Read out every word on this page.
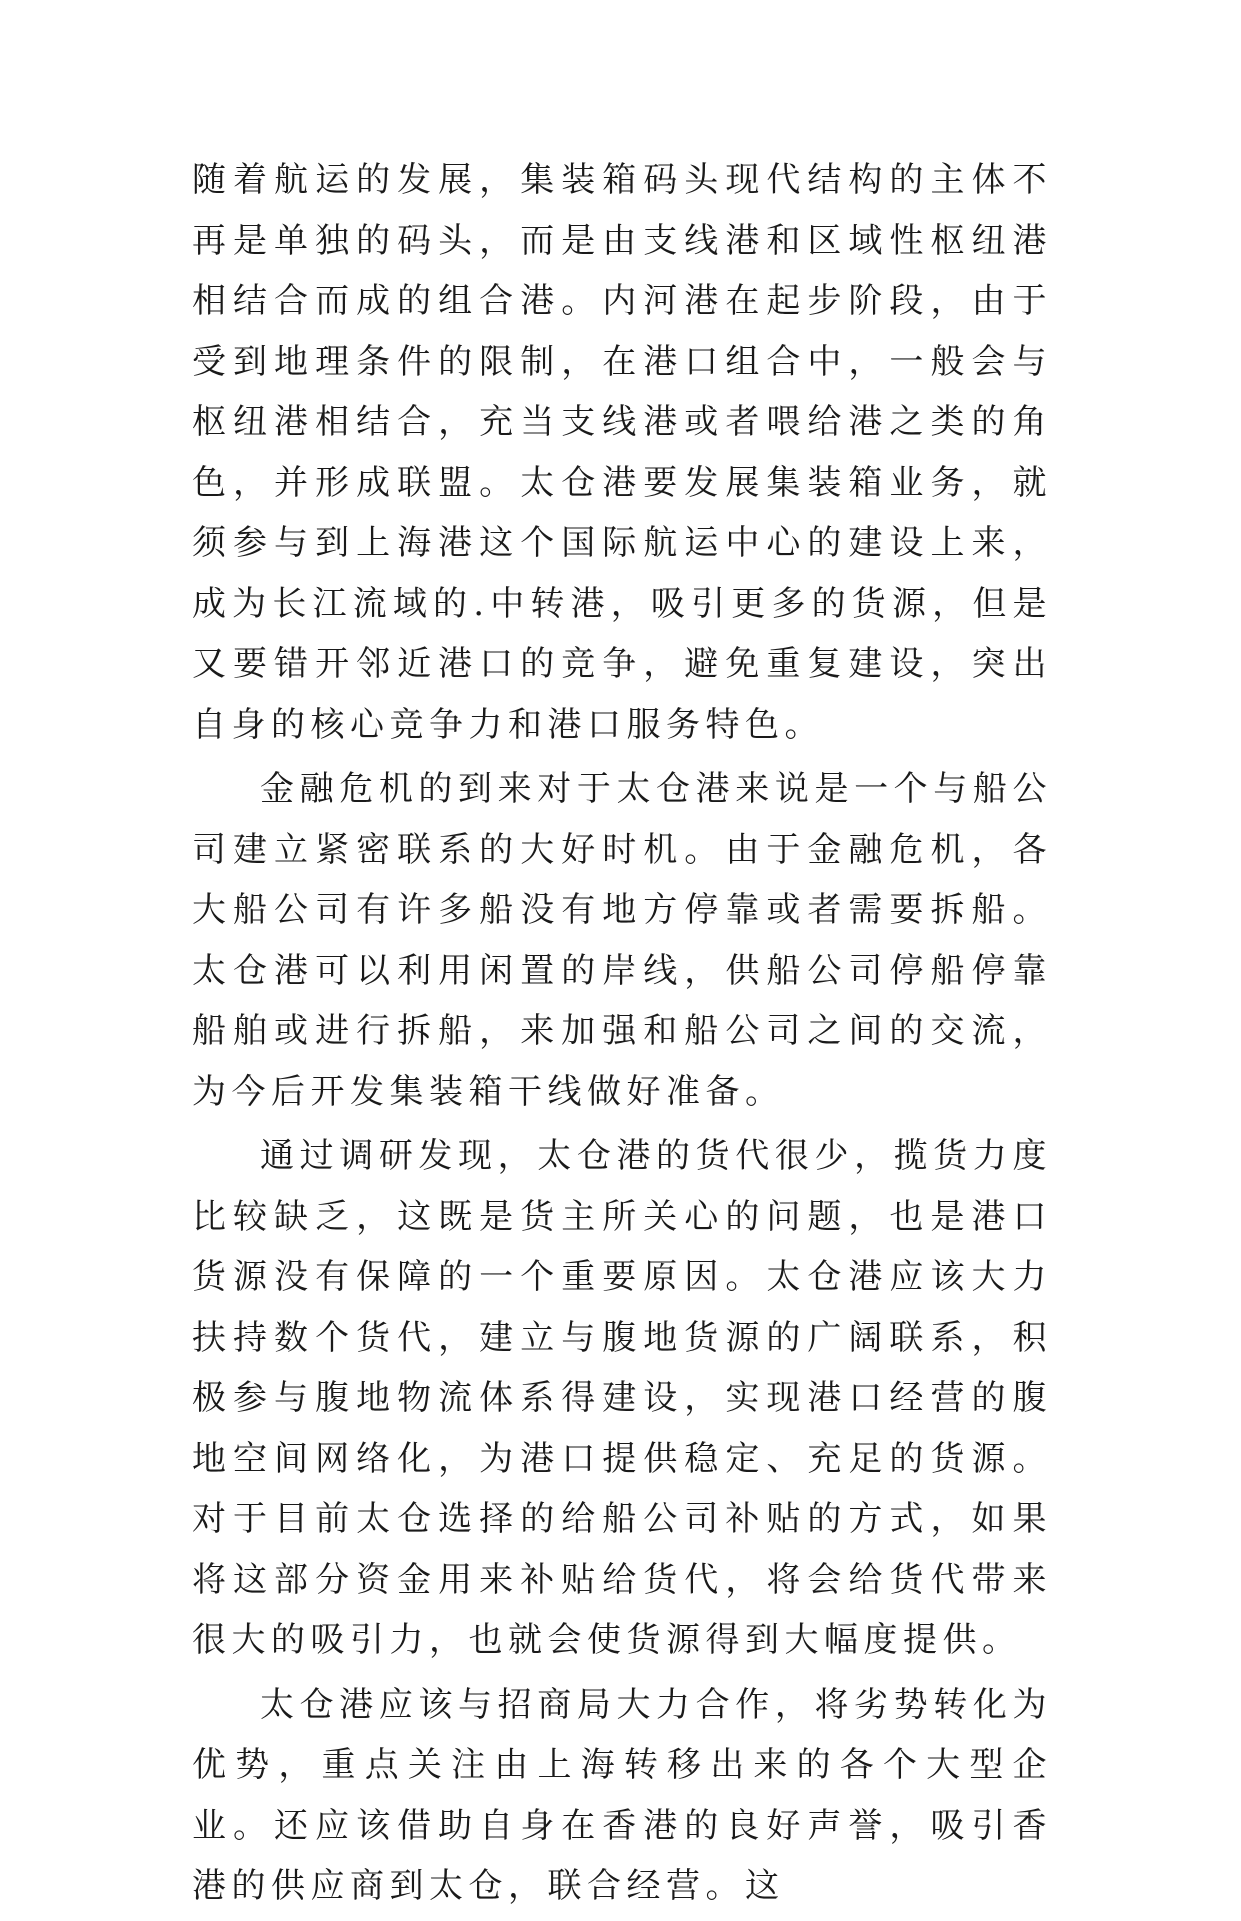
随着航运的发展，集装箱码头现代结构的主体不再是单独的码头，而是由支线港和区域性枢纽港相结合而成的组合港。内河港在起步阶段，由于受到地理条件的限制，在港口组合中，一般会与枢纽港相结合，充当支线港或者喂给港之类的角色，并形成联盟。太仓港要发展集装箱业务，就须参与到上海港这个国际航运中心的建设上来，成为长江流域的.中转港，吸引更多的货源，但是又要错开邻近港口的竞争，避免重复建设，突出自身的核心竞争力和港口服务特色。

金融危机的到来对于太仓港来说是一个与船公司建立紧密联系的大好时机。由于金融危机，各大船公司有许多船没有地方停靠或者需要拆船。太仓港可以利用闲置的岸线，供船公司停船停靠船舶或进行拆船，来加强和船公司之间的交流，为今后开发集装箱干线做好准备。

通过调研发现，太仓港的货代很少，揽货力度比较缺乏，这既是货主所关心的问题，也是港口货源没有保障的一个重要原因。太仓港应该大力扶持数个货代，建立与腹地货源的广阔联系，积极参与腹地物流体系得建设，实现港口经营的腹地空间网络化，为港口提供稳定、充足的货源。对于目前太仓选择的给船公司补贴的方式，如果将这部分资金用来补贴给货代，将会给货代带来很大的吸引力，也就会使货源得到大幅度提供。

太仓港应该与招商局大力合作，将劣势转化为优势，重点关注由上海转移出来的各个大型企业。还应该借助自身在香港的良好声誉，吸引香港的供应商到太仓，联合经营。这
